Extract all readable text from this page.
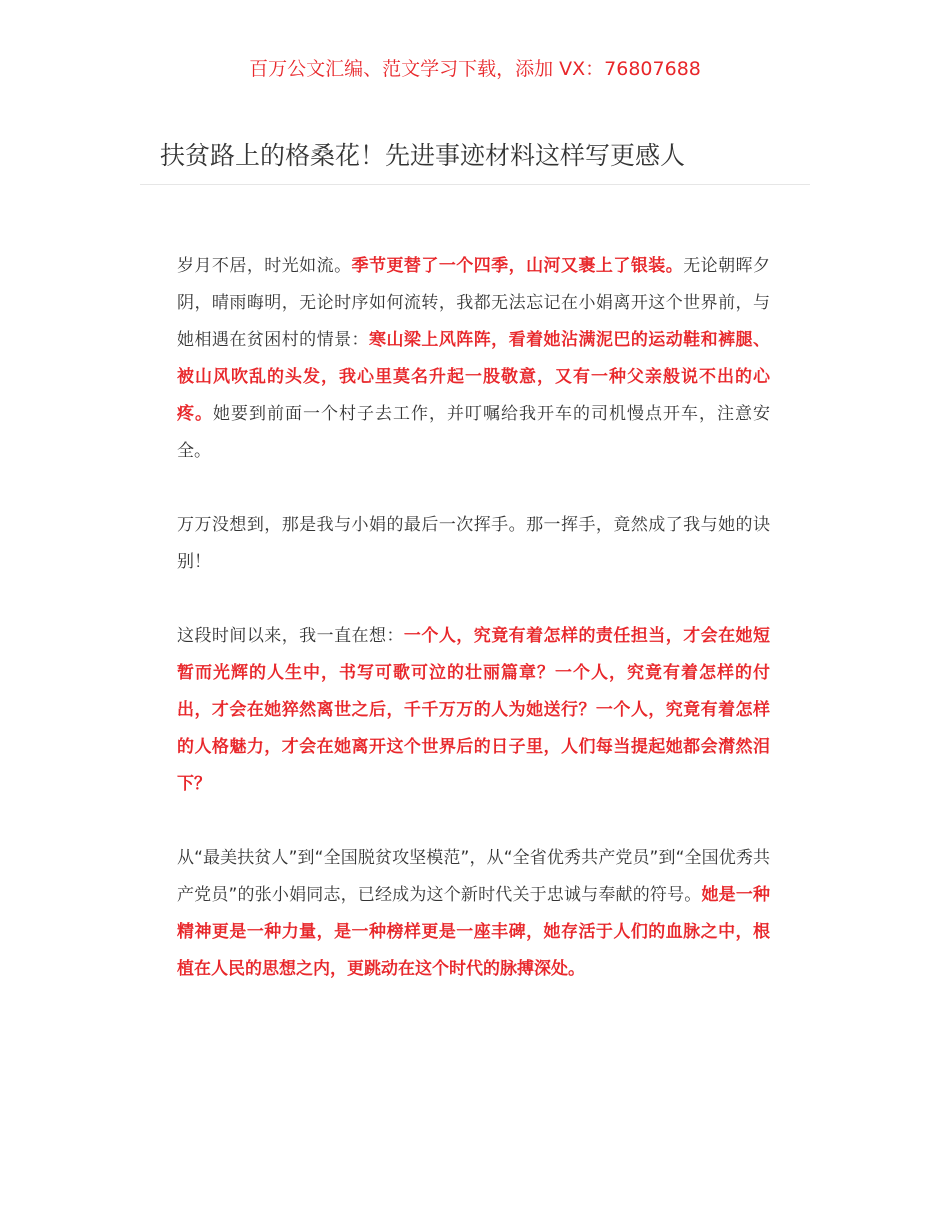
百万公文汇编、范文学习下载，添加 VX：76807688
扶贫路上的格桑花！先进事迹材料这样写更感人

岁月不居，时光如流。季节更替了一个四季，山河又裹上了银装。无论朝晖夕阴，晴雨晦明，无论时序如何流转，我都无法忘记在小娟离开这个世界前，与她相遇在贫困村的情景：寒山梁上风阵阵，看着她沾满泥巴的运动鞋和裤腿、被山风吹乱的头发，我心里莫名升起一股敬意，又有一种父亲般说不出的心疼。她要到前面一个村子去工作，并叮嘱给我开车的司机慢点开车，注意安全。

万万没想到，那是我与小娟的最后一次挥手。那一挥手，竟然成了我与她的诀别！

这段时间以来，我一直在想：一个人，究竟有着怎样的责任担当，才会在她短暂而光辉的人生中，书写可歌可泣的壮丽篇章？一个人，究竟有着怎样的付出，才会在她猝然离世之后，千千万万的人为她送行？一个人，究竟有着怎样的人格魅力，才会在她离开这个世界后的日子里，人们每当提起她都会潸然泪下？

从“最美扶贫人”到“全国脱贫攻坚模范”，从“全省优秀共产党员”到“全国优秀共产党员”的张小娟同志，已经成为这个新时代关于忠诚与奉献的符号。她是一种精神更是一种力量，是一种榜样更是一座丰碑，她存活于人们的血脉之中，根植在人民的思想之内，更跳动在这个时代的脉搏深处。
